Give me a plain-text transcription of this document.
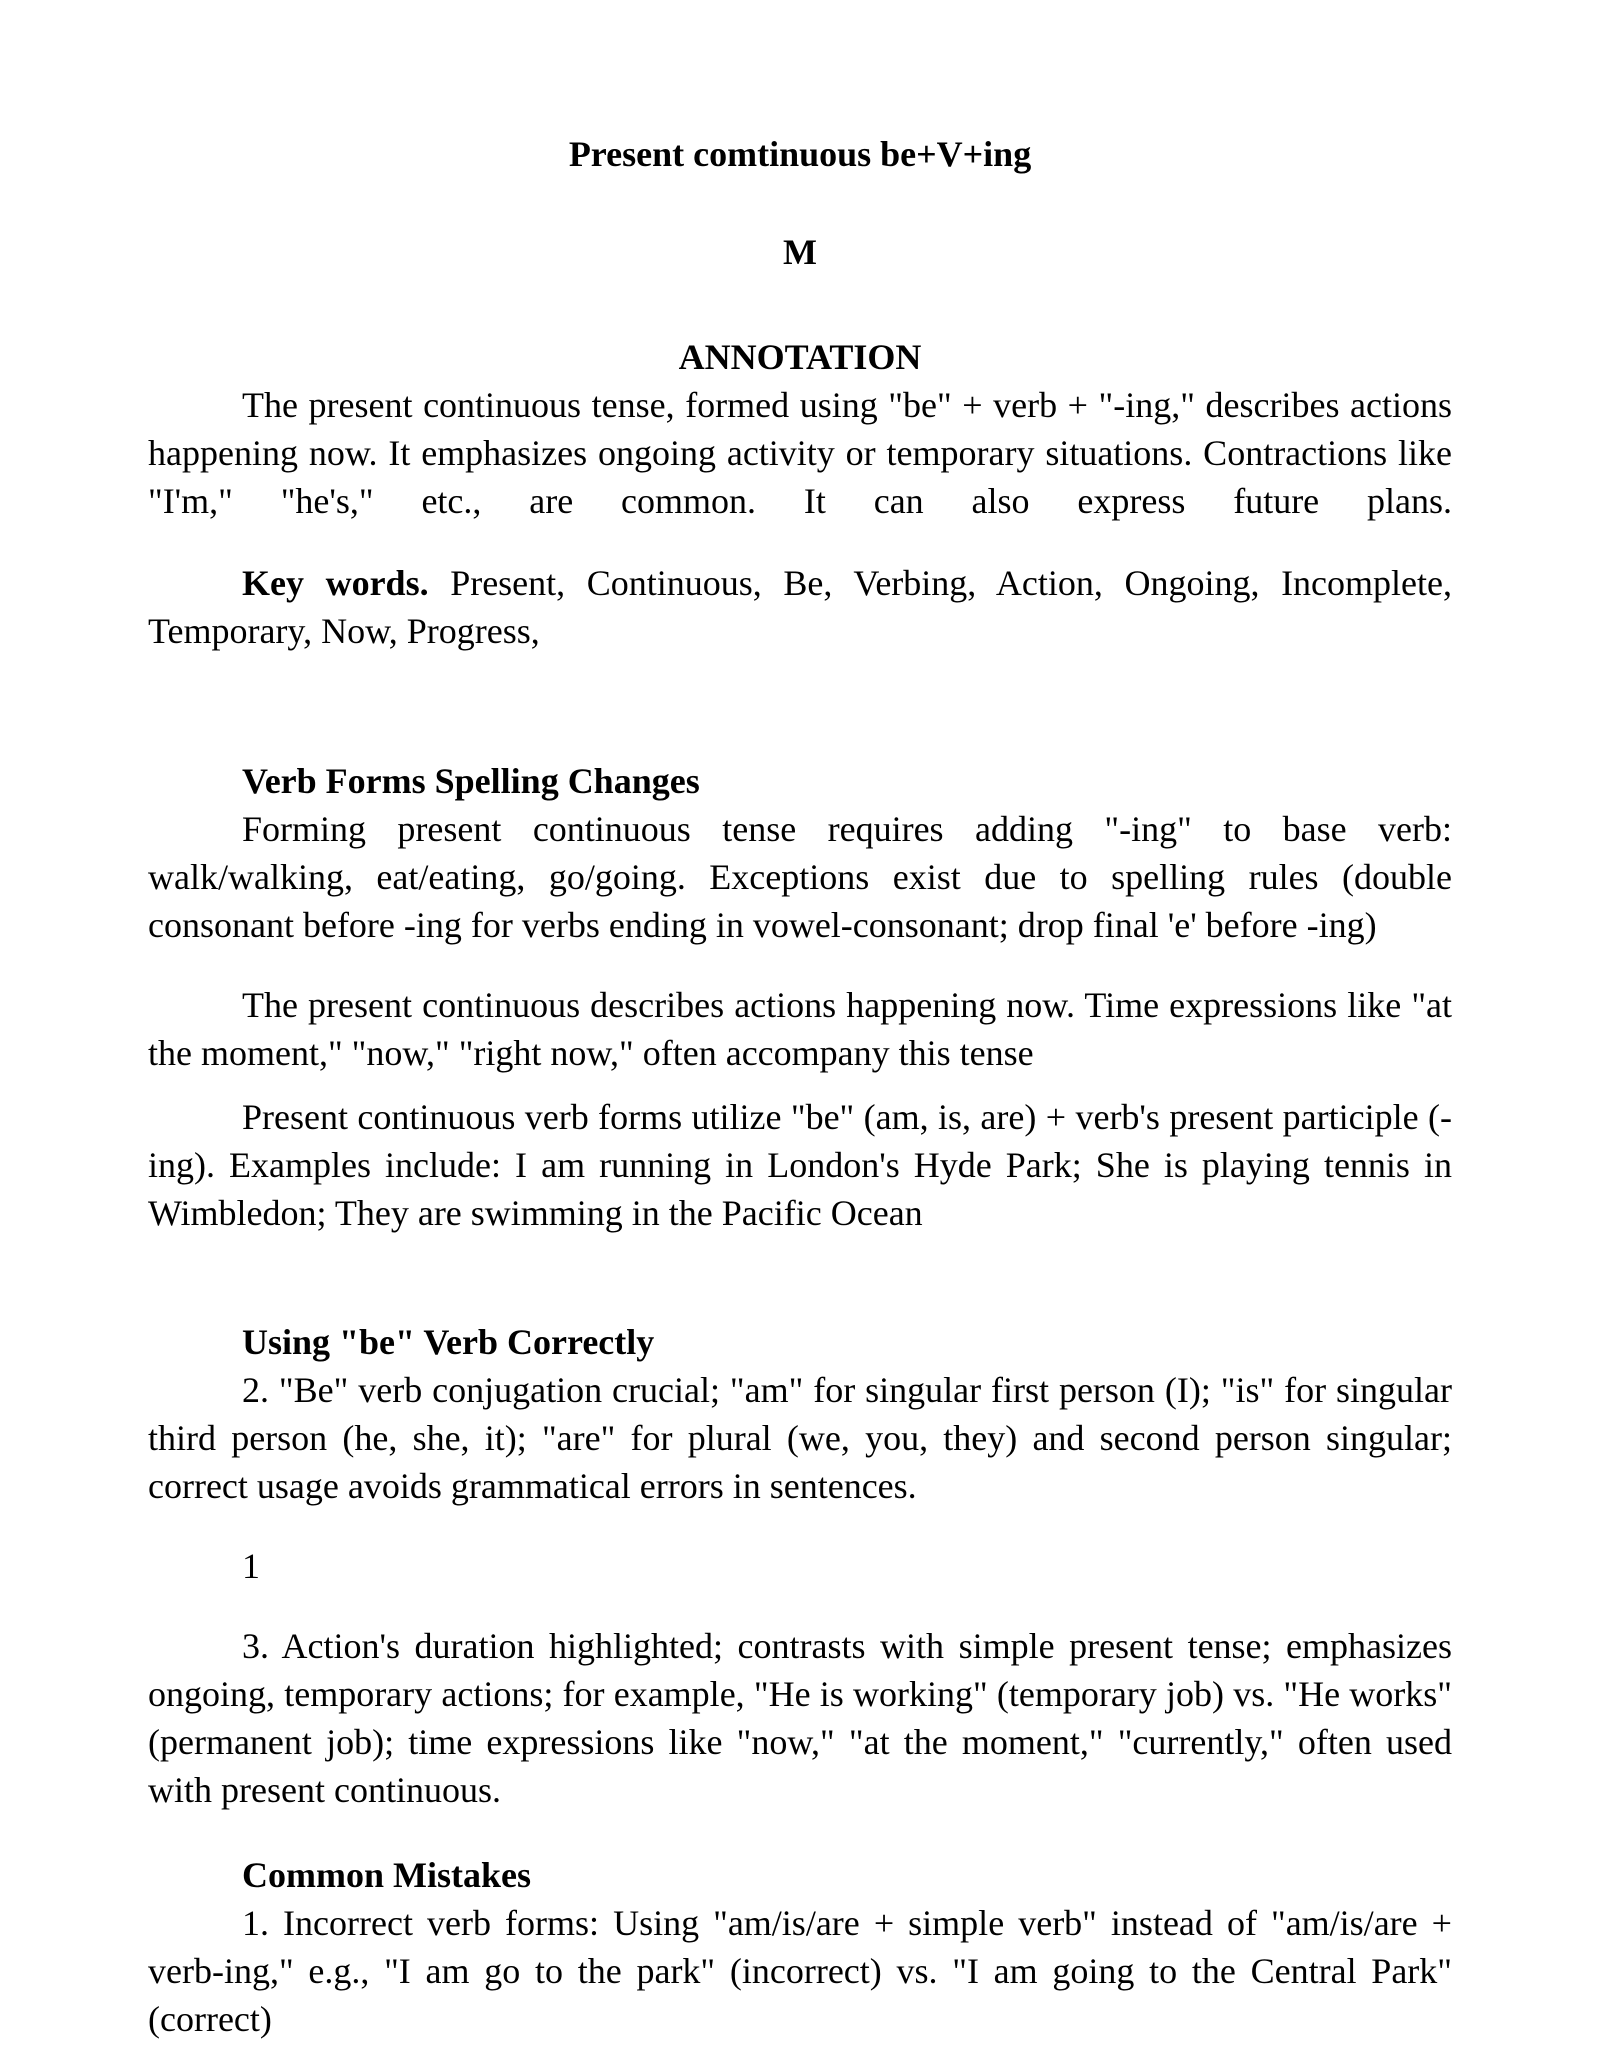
Present comtinuous be+V+ing
M
ANNOTATION

The present continuous tense, formed using "be" + verb + "-ing," describes actions happening now. It emphasizes ongoing activity or temporary situations. Contractions like "I'm," "he's," etc., are common. It can also express future plans.

Key words. Present, Continuous, Be, Verbing, Action, Ongoing, Incomplete, Temporary, Now, Progress,

Verb Forms Spelling Changes

Forming present continuous tense requires adding "-ing" to base verb: walk/walking, eat/eating, go/going. Exceptions exist due to spelling rules (double consonant before -ing for verbs ending in vowel-consonant; drop final 'e' before -ing)

The present continuous describes actions happening now. Time expressions like "at the moment," "now," "right now," often accompany this tense

Present continuous verb forms utilize "be" (am, is, are) + verb's present participle (-ing). Examples include: I am running in London's Hyde Park; She is playing tennis in Wimbledon; They are swimming in the Pacific Ocean

Using "be" Verb Correctly

2. "Be" verb conjugation crucial; "am" for singular first person (I); "is" for singular third person (he, she, it); "are" for plural (we, you, they) and second person singular; correct usage avoids grammatical errors in sentences.

1

3. Action's duration highlighted; contrasts with simple present tense; emphasizes ongoing, temporary actions; for example, "He is working" (temporary job) vs. "He works" (permanent job); time expressions like "now," "at the moment," "currently," often used with present continuous.

Common Mistakes

1. Incorrect verb forms: Using "am/is/are + simple verb" instead of "am/is/are + verb-ing," e.g., "I am go to the park" (incorrect) vs. "I am going to the Central Park" (correct)
